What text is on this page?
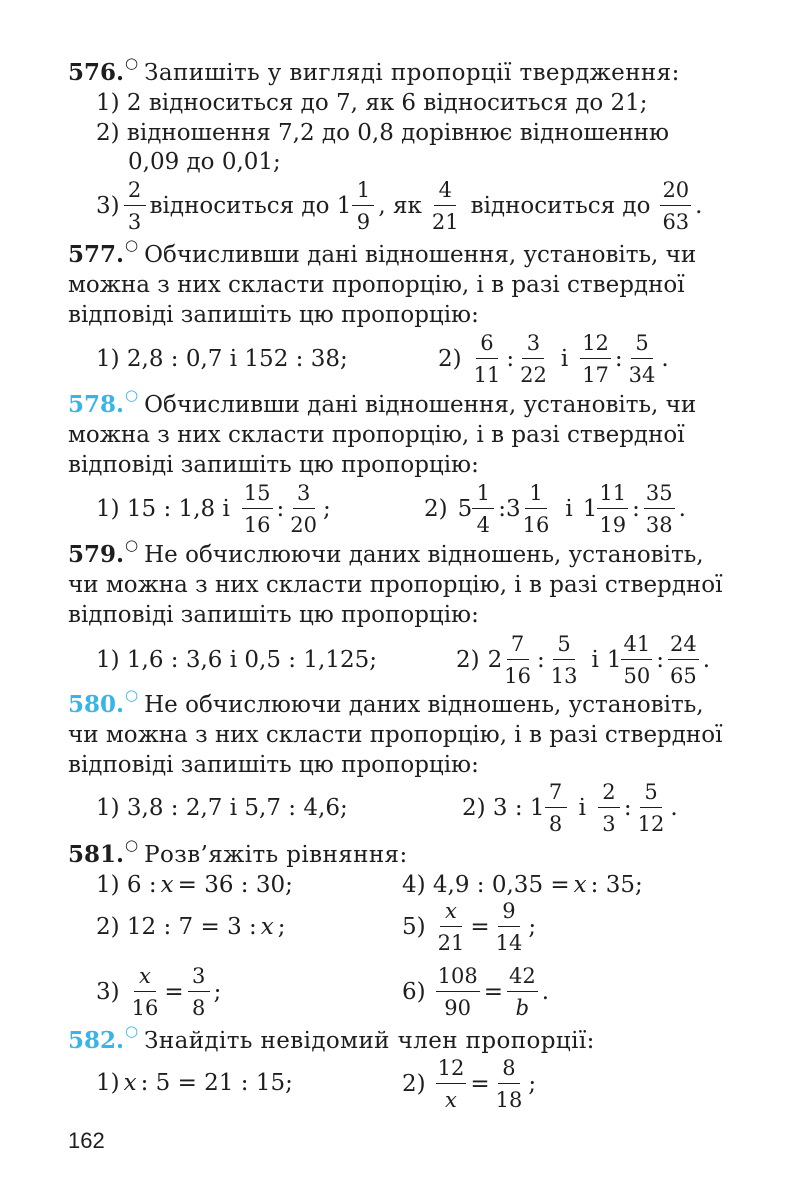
576. ○ Запишіть у вигляді пропорції твердження:
1) 2 відноситься до 7, як 6 відноситься до 21;
2) відношення 7,2 до 0,8 дорівнює відношенню
0,09 до 0,01;
$3) \frac{2}{3}$ відноситься до $1 \frac{1}{9}$ , як $\frac{4}{21}$ відноситься до $\frac{20}{63}$ .
577. ○ Обчисливши дані відношення, установіть, чи
можна з них скласти пропорцію, і в разі ствердної
відповіді запишіть цю пропорцію:
1) 2,8 : 0,7 і 152 : 38;	$2) \frac{6}{11}$ : $\frac{3}{22}$ і $\frac{12}{17}$ : $\frac{5}{34}$ .
578. ○ Обчисливши дані відношення, установіть, чи
можна з них скласти пропорцію, і в разі ствердної
відповіді запишіть цю пропорцію:
1) 15 : 1,8 і $\frac{15}{16}$ : $\frac{3}{20}$ ;	2) $5 \frac{1}{4}$ : $3 \frac{1}{16}$ і $1 \frac{11}{19}$ : $\frac{35}{38}$ .
579. ○ Не обчислюючи даних відношень, установіть,
чи можна з них скласти пропорцію, і в разі ствердної
відповіді запишіть цю пропорцію:
1) 1,6 : 3,6 і 0,5 : 1,125;	2) $2 \frac{7}{16}$ : $\frac{5}{13}$ і $1 \frac{41}{50}$ : $\frac{24}{65}$ .
580. ○ Не обчислюючи даних відношень, установіть,
чи можна з них скласти пропорцію, і в разі ствердної
відповіді запишіть цю пропорцію:
1) 3,8 : 2,7 і 5,7 : 4,6;	2) 3 : $1 \frac{7}{8}$ і $\frac{2}{3}$ : $\frac{5}{12}$ .
581. ○ Розв’яжіть рівняння:
1) 6 : x = 36 : 30;	4) 4,9 : 0,35 = x : 35;
2) 12 : 7 = 3 : x ;	$5) \frac{x}{21} = \frac{9}{14}$ ;
$3) \frac{x}{16} = \frac{3}{8}$ ;	$6) \frac{108}{90} = \frac{42}{b}$ .
582. ○ Знайдіть невідомий член пропорції:
1) x : 5 = 21 : 15;	$2) \frac{12}{x} = \frac{8}{18}$ ;
162
